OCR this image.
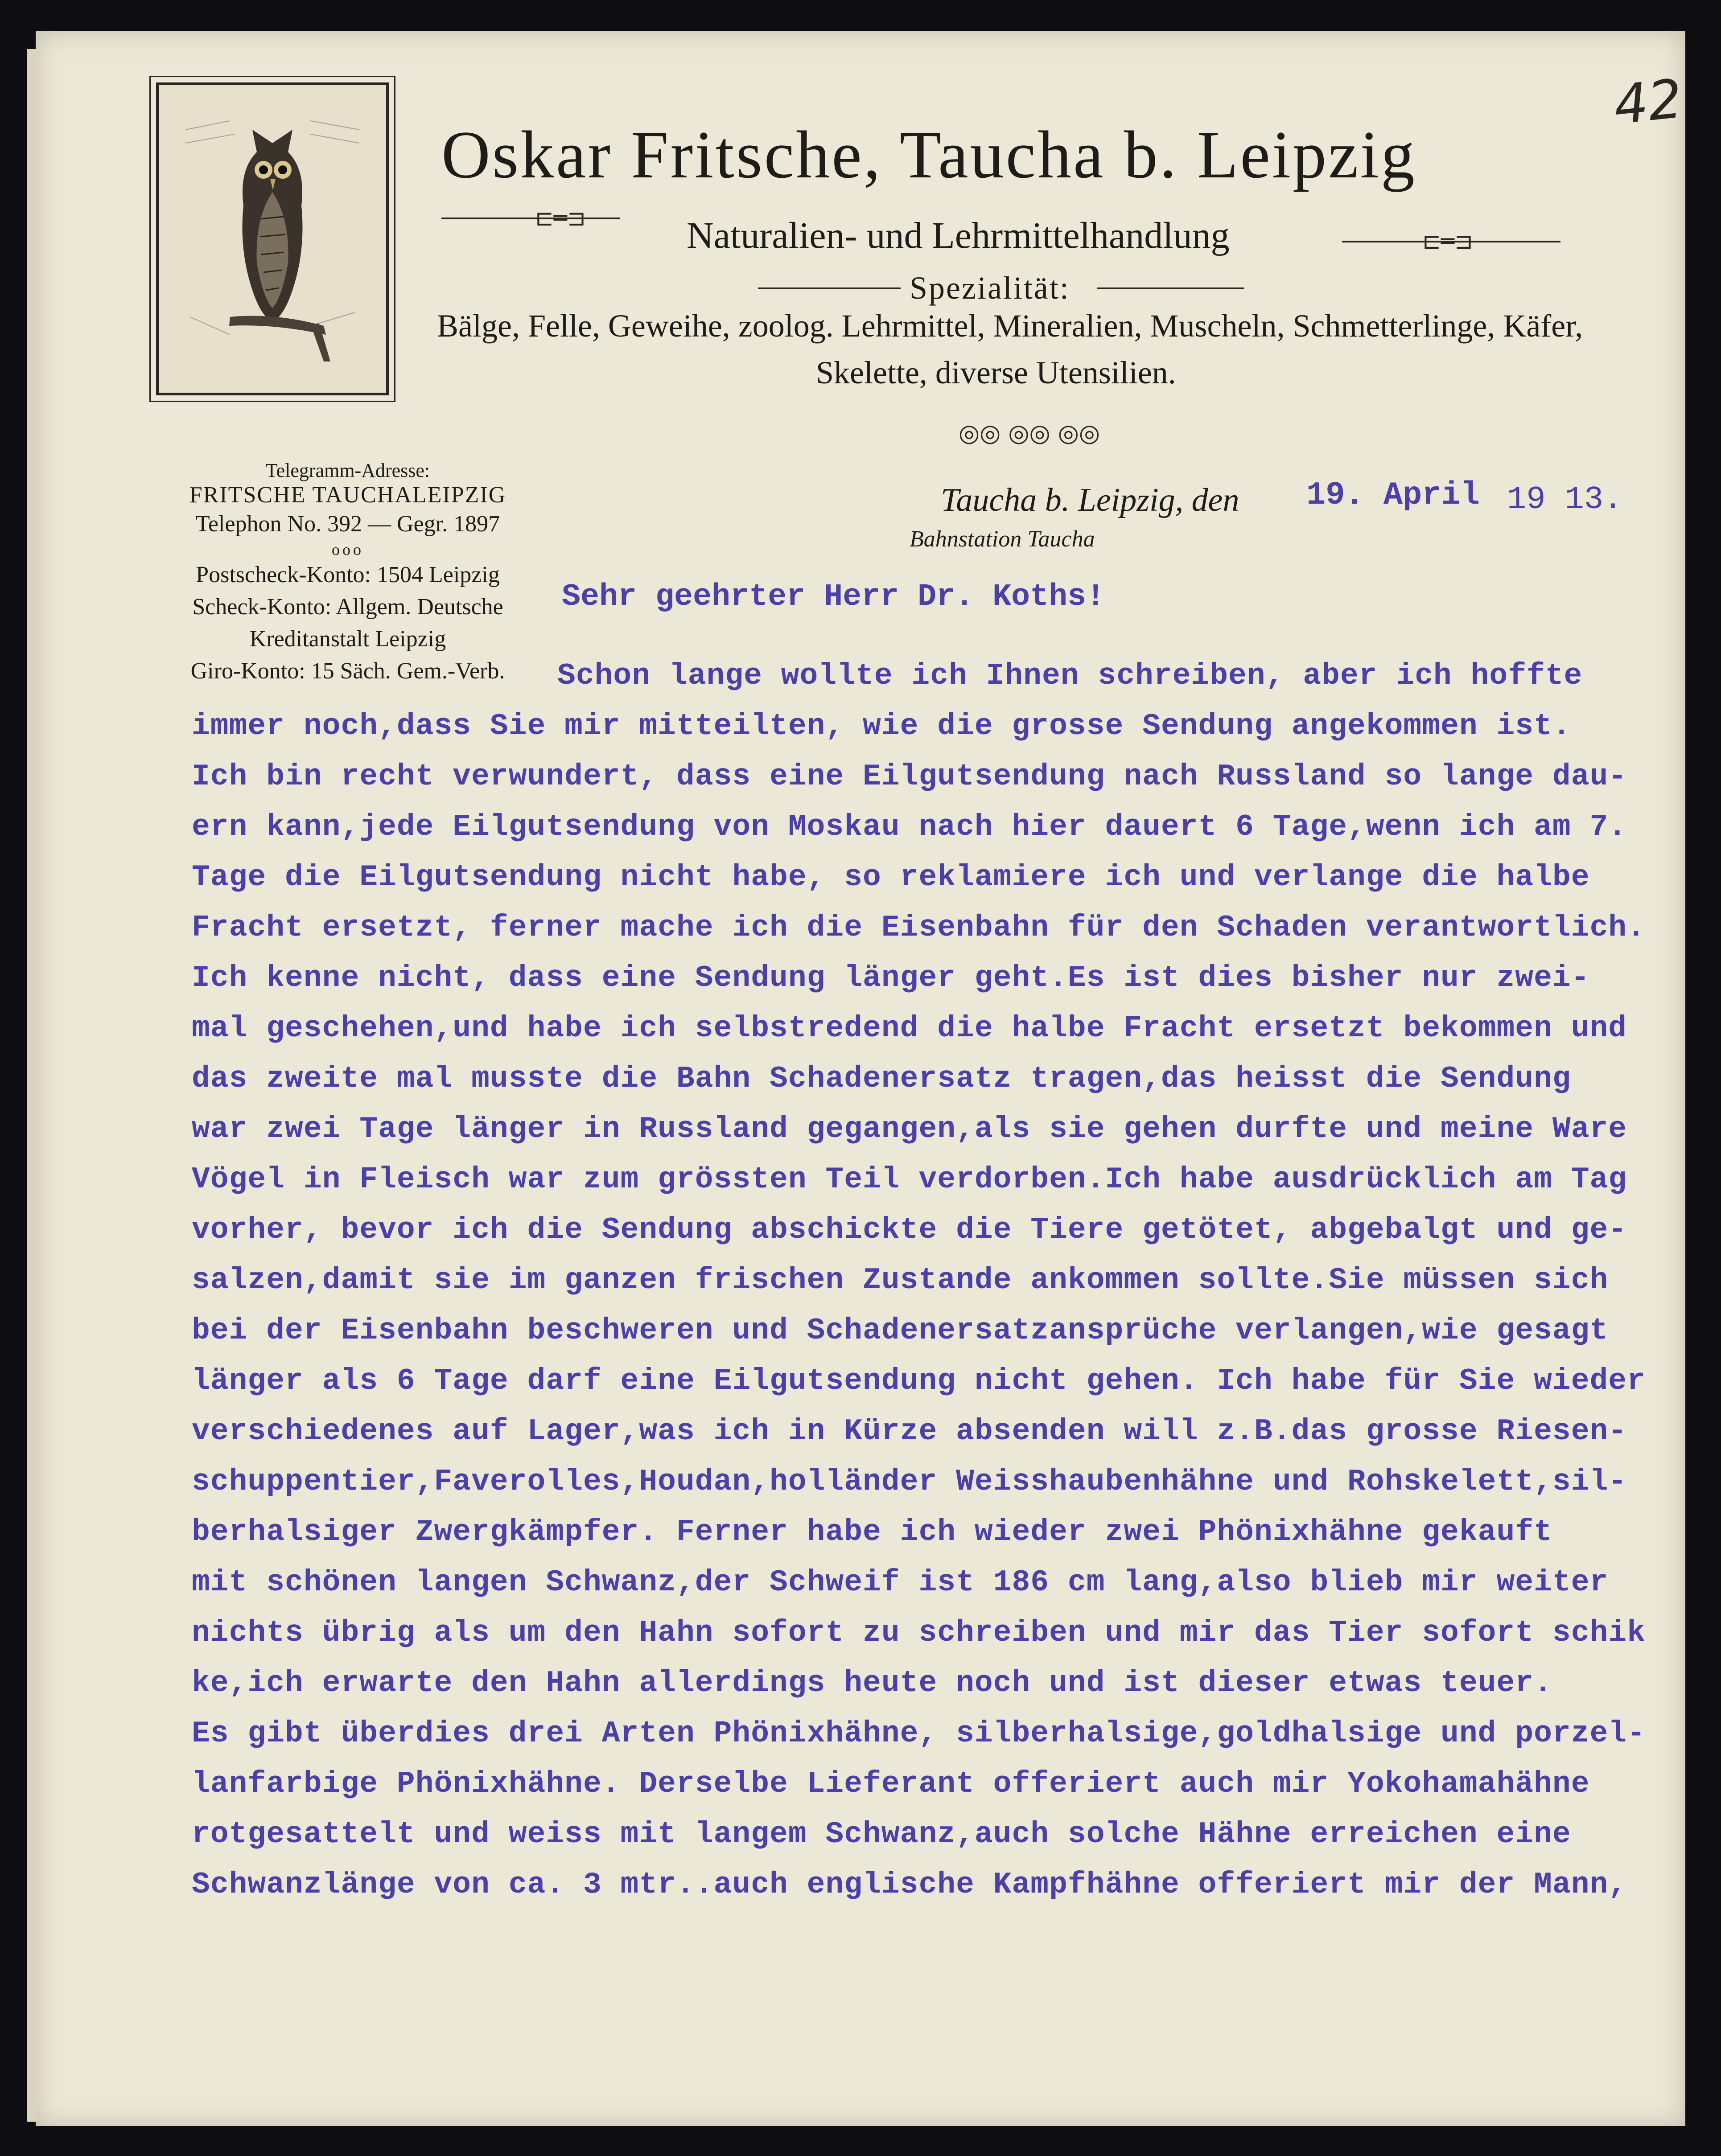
42
Oskar Fritsche, Taucha b. Leipzig
⊏═⊐	Naturalien- und Lehrmittelhandlung	⊏═⊐
Spezialität:
Bälge, Felle, Geweihe, zoolog. Lehrmittel, Mineralien, Muscheln, Schmetterlinge, Käfer,
Skelette, diverse Utensilien.
◎◎ ◎◎ ◎◎
Telegramm-Adresse:
FRITSCHE TAUCHALEIPZIG
Telephon No. 392 — Gegr. 1897
ooo
Postscheck-Konto: 1504 Leipzig
Scheck-Konto: Allgem. Deutsche
Kreditanstalt Leipzig
Giro-Konto: 15 Säch. Gem.-Verb.
Taucha b. Leipzig, den 19. April 19 13.
Bahnstation Taucha
Sehr geehrter Herr Dr. Koths!
Schon lange wollte ich Ihnen schreiben, aber ich hoffte
immer noch,dass Sie mir mitteilten, wie die grosse Sendung angekommen ist.
Ich bin recht verwundert, dass eine Eilgutsendung nach Russland so lange dau-
ern kann,jede Eilgutsendung von Moskau nach hier dauert 6 Tage,wenn ich am 7.
Tage die Eilgutsendung nicht habe, so reklamiere ich und verlange die halbe
Fracht ersetzt, ferner mache ich die Eisenbahn für den Schaden verantwortlich.
Ich kenne nicht, dass eine Sendung länger geht.Es ist dies bisher nur zwei-
mal geschehen,und habe ich selbstredend die halbe Fracht ersetzt bekommen und
das zweite mal musste die Bahn Schadenersatz tragen,das heisst die Sendung
war zwei Tage länger in Russland gegangen,als sie gehen durfte und meine Ware
Vögel in Fleisch war zum grössten Teil verdorben.Ich habe ausdrücklich am Tag
vorher, bevor ich die Sendung abschickte die Tiere getötet, abgebalgt und ge-
salzen,damit sie im ganzen frischen Zustande ankommen sollte.Sie müssen sich
bei der Eisenbahn beschweren und Schadenersatzansprüche verlangen,wie gesagt
länger als 6 Tage darf eine Eilgutsendung nicht gehen. Ich habe für Sie wieder
verschiedenes auf Lager,was ich in Kürze absenden will z.B.das grosse Riesen-
schuppentier,Faverolles,Houdan,holländer Weisshaubenhähne und Rohskelett,sil-
berhalsiger Zwergkämpfer. Ferner habe ich wieder zwei Phönixhähne gekauft
mit schönen langen Schwanz,der Schweif ist 186 cm lang,also blieb mir weiter
nichts übrig als um den Hahn sofort zu schreiben und mir das Tier sofort schik
ke,ich erwarte den Hahn allerdings heute noch und ist dieser etwas teuer.
Es gibt überdies drei Arten Phönixhähne, silberhalsige,goldhalsige und porzel-
lanfarbige Phönixhähne. Derselbe Lieferant offeriert auch mir Yokohamahähne
rotgesattelt und weiss mit langem Schwanz,auch solche Hähne erreichen eine
Schwanzlänge von ca. 3 mtr..auch englische Kampfhähne offeriert mir der Mann,
